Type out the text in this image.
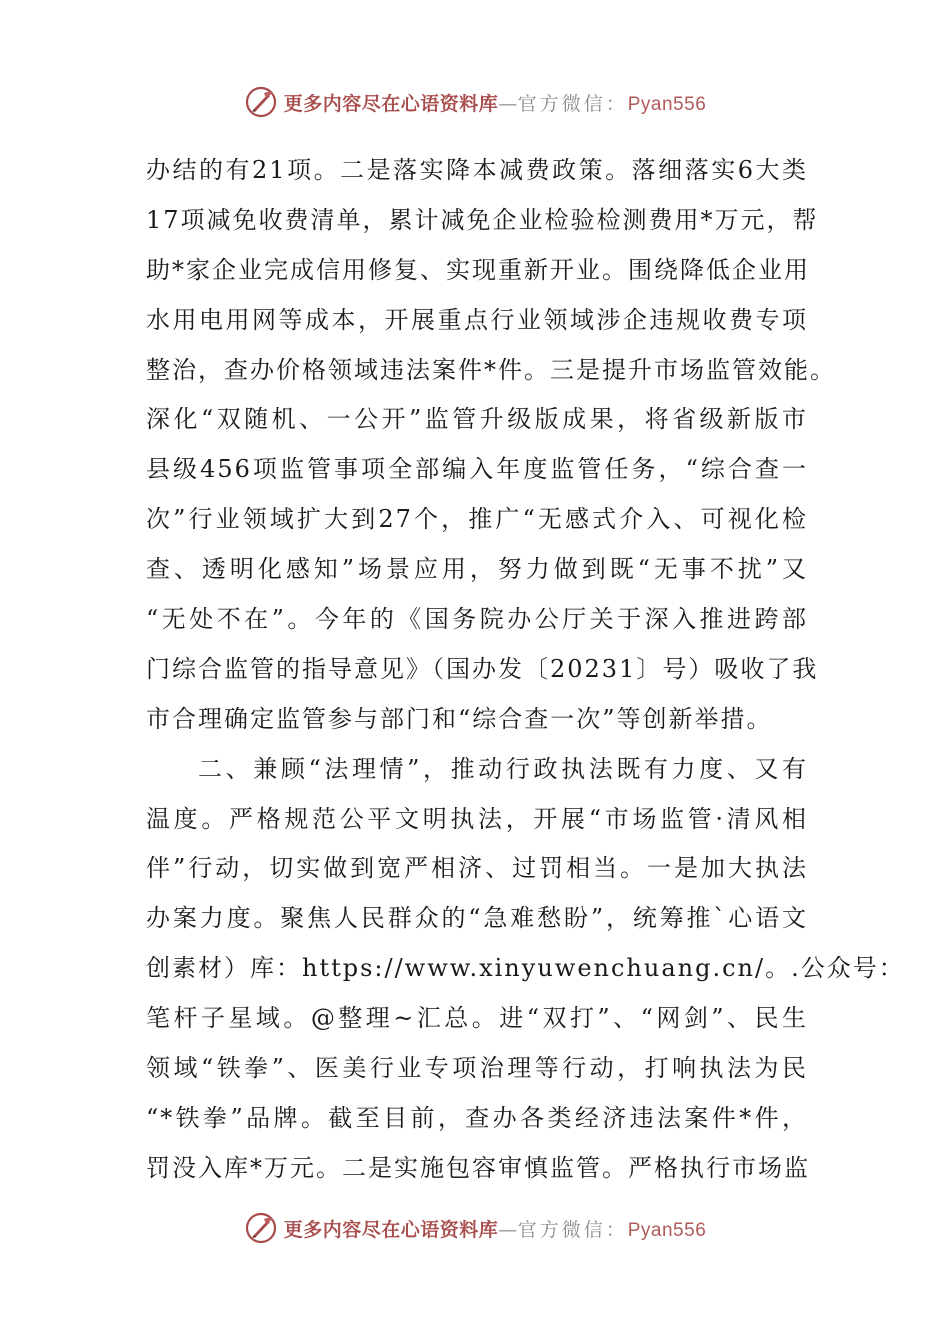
更多内容尽在心语资料库—官方微信：Pyan556
办结的有21项。二是落实降本减费政策。落细落实6大类
17项减免收费清单，累计减免企业检验检测费用*万元，帮
助*家企业完成信用修复、实现重新开业。围绕降低企业用
水用电用网等成本，开展重点行业领域涉企违规收费专项
整治，查办价格领域违法案件*件。三是提升市场监管效能。
深化“双随机、一公开”监管升级版成果，将省级新版市
县级456项监管事项全部编入年度监管任务，“综合查一
次”行业领域扩大到27个，推广“无感式介入、可视化检
查、透明化感知”场景应用，努力做到既“无事不扰”又
“无处不在”。今年的《国务院办公厅关于深入推进跨部
门综合监管的指导意见》（国办发〔20231〕号）吸收了我
市合理确定监管参与部门和“综合查一次”等创新举措。
二、兼顾“法理情”，推动行政执法既有力度、又有
温度。严格规范公平文明执法，开展“市场监管·清风相
伴”行动，切实做到宽严相济、过罚相当。一是加大执法
办案力度。聚焦人民群众的“急难愁盼”，统筹推`心语文
创素材）库：https://www.xinyuwenchuang.cn/。.公众号：
笔杆子星域。@整理~汇总。进“双打”、“网剑”、民生
领域“铁拳”、医美行业专项治理等行动，打响执法为民
“*铁拳”品牌。截至目前，查办各类经济违法案件*件，
罚没入库*万元。二是实施包容审慎监管。严格执行市场监
更多内容尽在心语资料库—官方微信：Pyan556
